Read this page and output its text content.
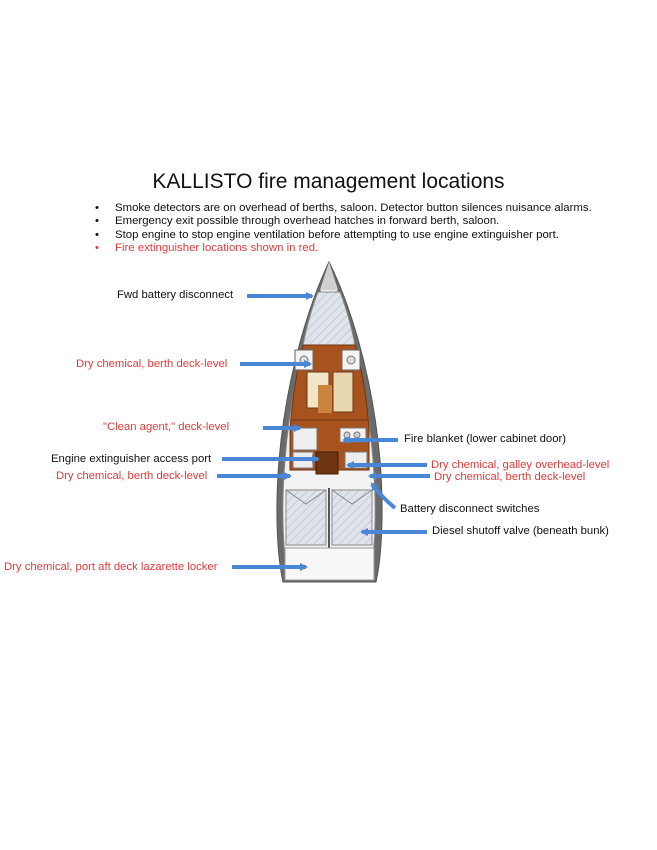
KALLISTO fire management locations
• Smoke detectors are on overhead of berths, saloon. Detector button silences nuisance alarms.
• Emergency exit possible through overhead hatches in forward berth, saloon.
• Stop engine to stop engine ventilation before attempting to use engine extinguisher port.
• Fire extinguisher locations shown in red.
Fwd battery disconnect
Dry chemical, berth deck-level
"Clean agent," deck-level
Fire blanket (lower cabinet door)
Engine extinguisher access port	Dry chemical, galley overhead-level
Dry chemical, berth deck-level	Dry chemical, berth deck-level
Battery disconnect switches
Diesel shutoff valve (beneath bunk)
Dry chemical, port aft deck lazarette locker
